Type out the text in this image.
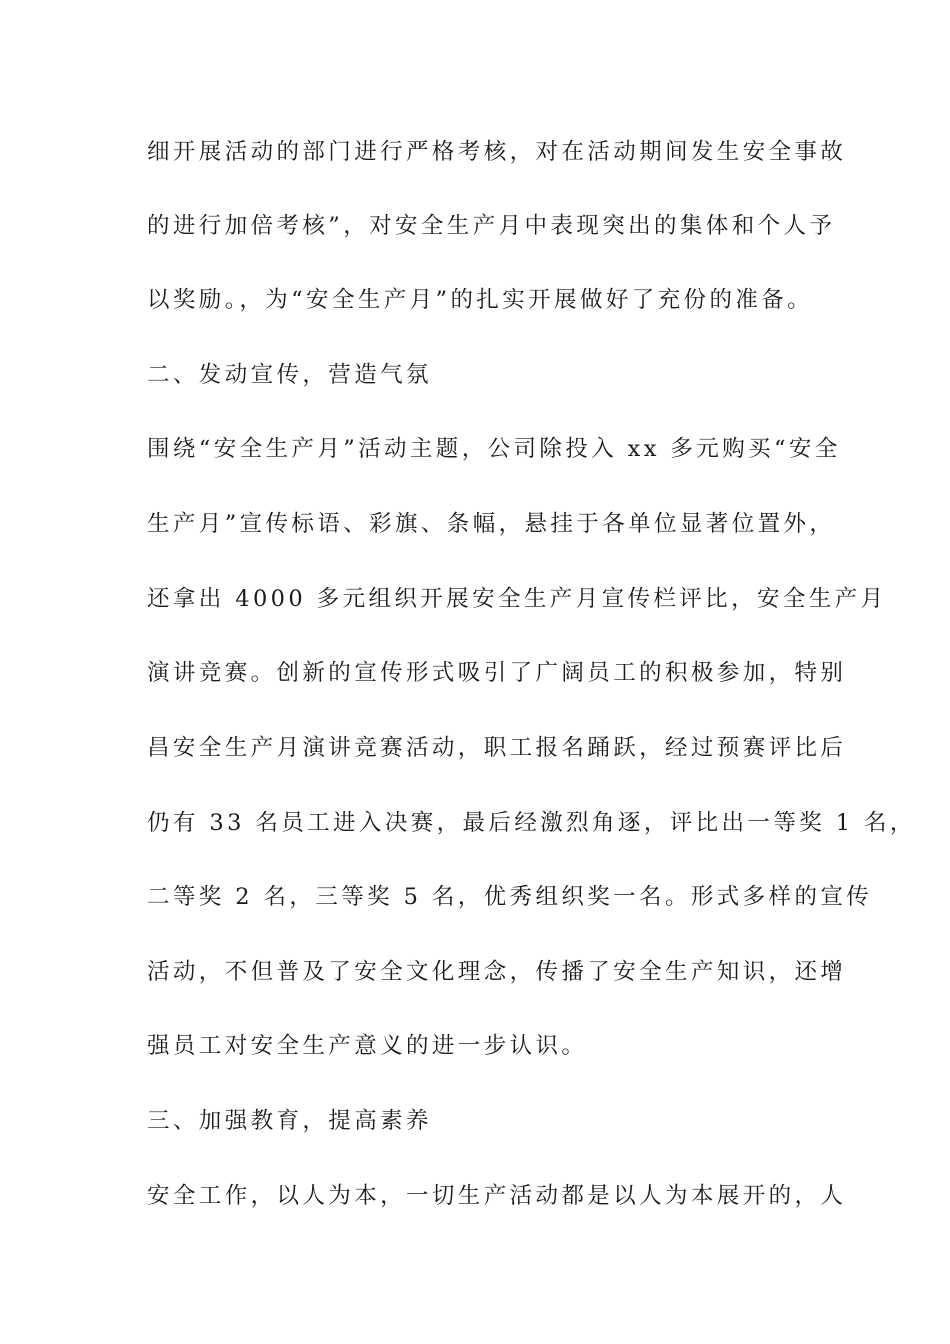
细开展活动的部门进行严格考核，对在活动期间发生安全事故
的进行加倍考核”，对安全生产月中表现突出的集体和个人予
以奖励。，为“安全生产月”的扎实开展做好了充份的准备。
二、发动宣传，营造气氛
围绕“安全生产月”活动主题，公司除投入 xx 多元购买“安全
生产月”宣传标语、彩旗、条幅，悬挂于各单位显著位置外，
还拿出 4000 多元组织开展安全生产月宣传栏评比，安全生产月
演讲竞赛。创新的宣传形式吸引了广阔员工的积极参加，特别
昌安全生产月演讲竞赛活动，职工报名踊跃，经过预赛评比后
仍有 33 名员工进入决赛，最后经激烈角逐，评比出一等奖 1 名，
二等奖 2 名，三等奖 5 名，优秀组织奖一名。形式多样的宣传
活动，不但普及了安全文化理念，传播了安全生产知识，还增
强员工对安全生产意义的进一步认识。
三、加强教育，提高素养
安全工作，以人为本，一切生产活动都是以人为本展开的，人
